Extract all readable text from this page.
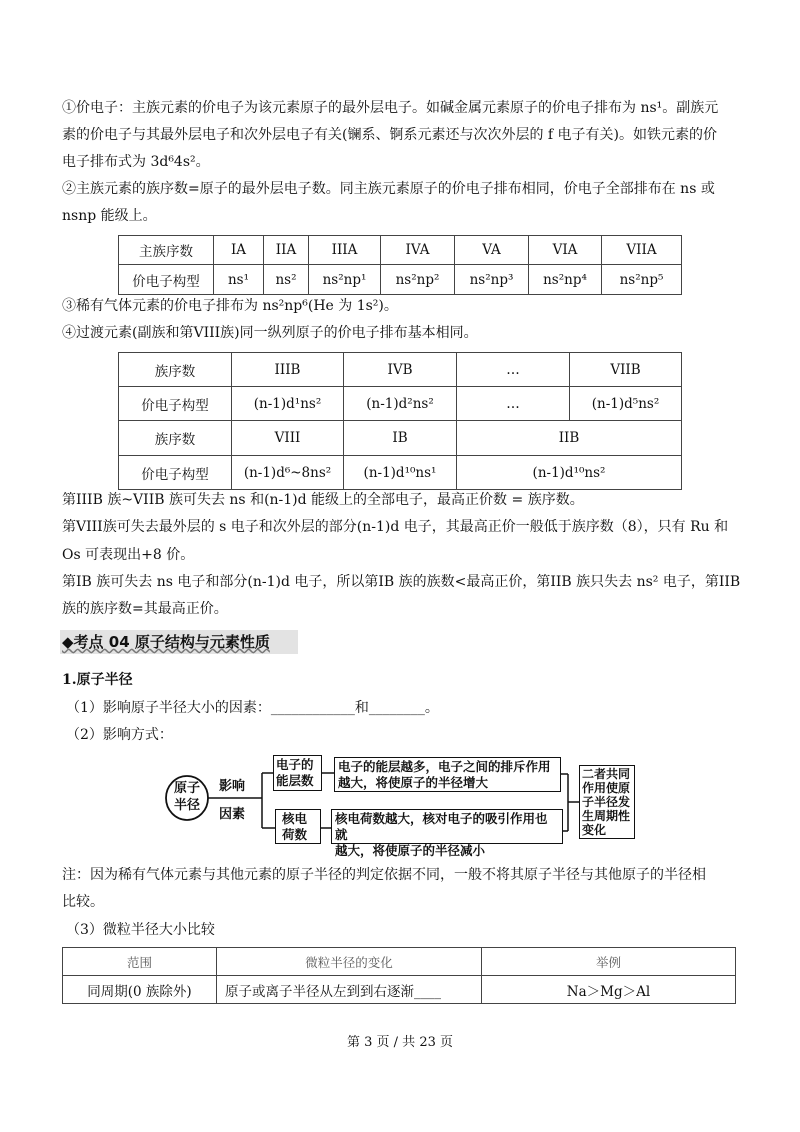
①价电子：主族元素的价电子为该元素原子的最外层电子。如碱金属元素原子的价电子排布为 ns¹。副族元
素的价电子与其最外层电子和次外层电子有关(镧系、锕系元素还与次次外层的 f 电子有关)。如铁元素的价
电子排布式为 3d⁶4s²。
②主族元素的族序数=原子的最外层电子数。同主族元素原子的价电子排布相同，价电子全部排布在 ns 或
nsnp 能级上。
主族序数	IA	IIA	IIIA	IVA	VA	VIA	VIIA
价电子构型	ns¹	ns²	ns²np¹	ns²np²	ns²np³	ns²np⁴	ns²np⁵
③稀有气体元素的价电子排布为 ns²np⁶(He 为 1s²)。
④过渡元素(副族和第VIII族)同一纵列原子的价电子排布基本相同。
族序数	IIIB	IVB	…	VIIB
价电子构型	(n-1)d¹ns²	(n-1)d²ns²	…	(n-1)d⁵ns²
族序数	VIII	IB	IIB	
价电子构型	(n-1)d⁶~8ns²	(n-1)d¹⁰ns¹	(n-1)d¹⁰ns²	
第IIIB 族~VIIB 族可失去 ns 和(n-1)d 能级上的全部电子，最高正价数 = 族序数。
第VIII族可失去最外层的 s 电子和次外层的部分(n-1)d 电子，其最高正价一般低于族序数（8），只有 Ru 和
Os 可表现出+8 价。
第IB 族可失去 ns 电子和部分(n-1)d 电子，所以第IB 族的族数<最高正价，第IIB 族只失去 ns² 电子，第IIB
族的族序数=其最高正价。
◆考点 04 原子结构与元素性质
1.原子半径
（1）影响原子半径大小的因素：____________和________。
（2）影响方式：
原子
半径
影响
因素
电子的
能层数
电子的能层越多，电子之间的排斥作用
越大，将使原子的半径增大
核电
荷数
核电荷数越大，核对电子的吸引作用也就
越大，将使原子的半径减小
二者共同
作用使原
子半径发
生周期性
变化
注：因为稀有气体元素与其他元素的原子半径的判定依据不同，一般不将其原子半径与其他原子的半径相
比较。
（3）微粒半径大小比较
范围	微粒半径的变化	举例
同周期(0 族除外)	原子或离子半径从左到到右逐渐____	Na＞Mg＞Al
第 3 页 / 共 23 页
